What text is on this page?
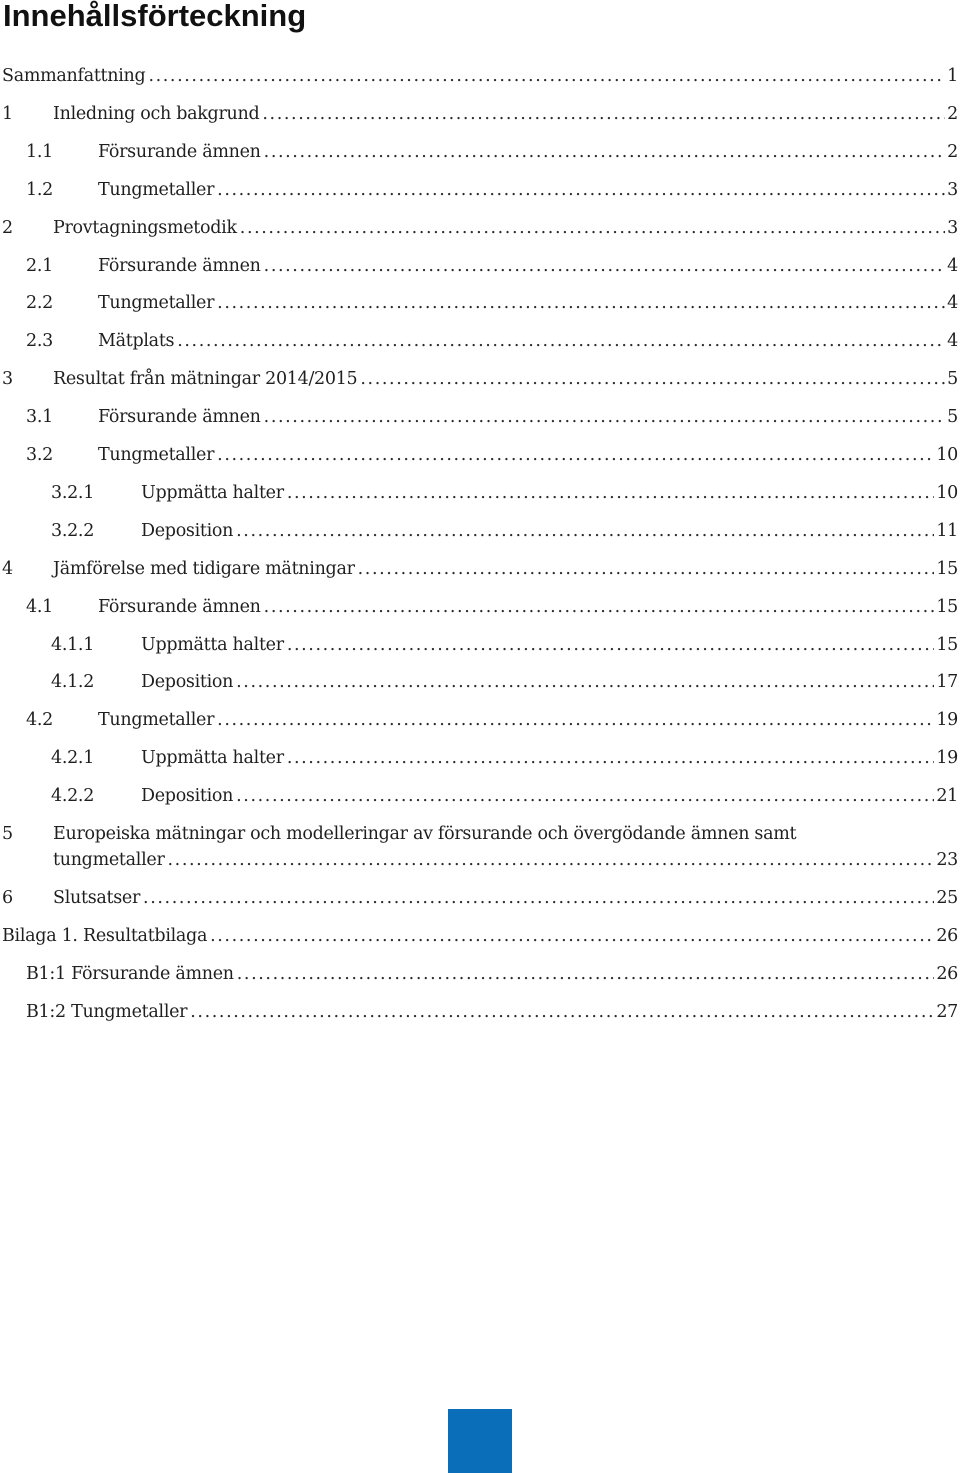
Innehållsförteckning
Sammanfattning .....	1
1 Inledning och bakgrund .....	2
1.1	Försurande ämnen .....	2
1.2	Tungmetaller .....	3
2 Provtagningsmetodik .....	3
2.1	Försurande ämnen .....	4
2.2	Tungmetaller .....	4
2.3	Mätplats .....	4
3 Resultat från mätningar 2014/2015 .....	5
3.1	Försurande ämnen .....	5
3.2	Tungmetaller .....	10
3.2.1	Uppmätta halter .....	10
3.2.2	Deposition .....	11
4 Jämförelse med tidigare mätningar .....	15
4.1	Försurande ämnen .....	15
4.1.1	Uppmätta halter .....	15
4.1.2	Deposition .....	17
4.2	Tungmetaller .....	19
4.2.1	Uppmätta halter .....	19
4.2.2	Deposition .....	21
5 Europeiska mätningar och modelleringar av försurande och övergödande ämnen samt
tungmetaller .....	23
6 Slutsatser .....	25
Bilaga 1. Resultatbilaga .....	26
B1:1 Försurande ämnen .....	26
B1:2 Tungmetaller .....	27
